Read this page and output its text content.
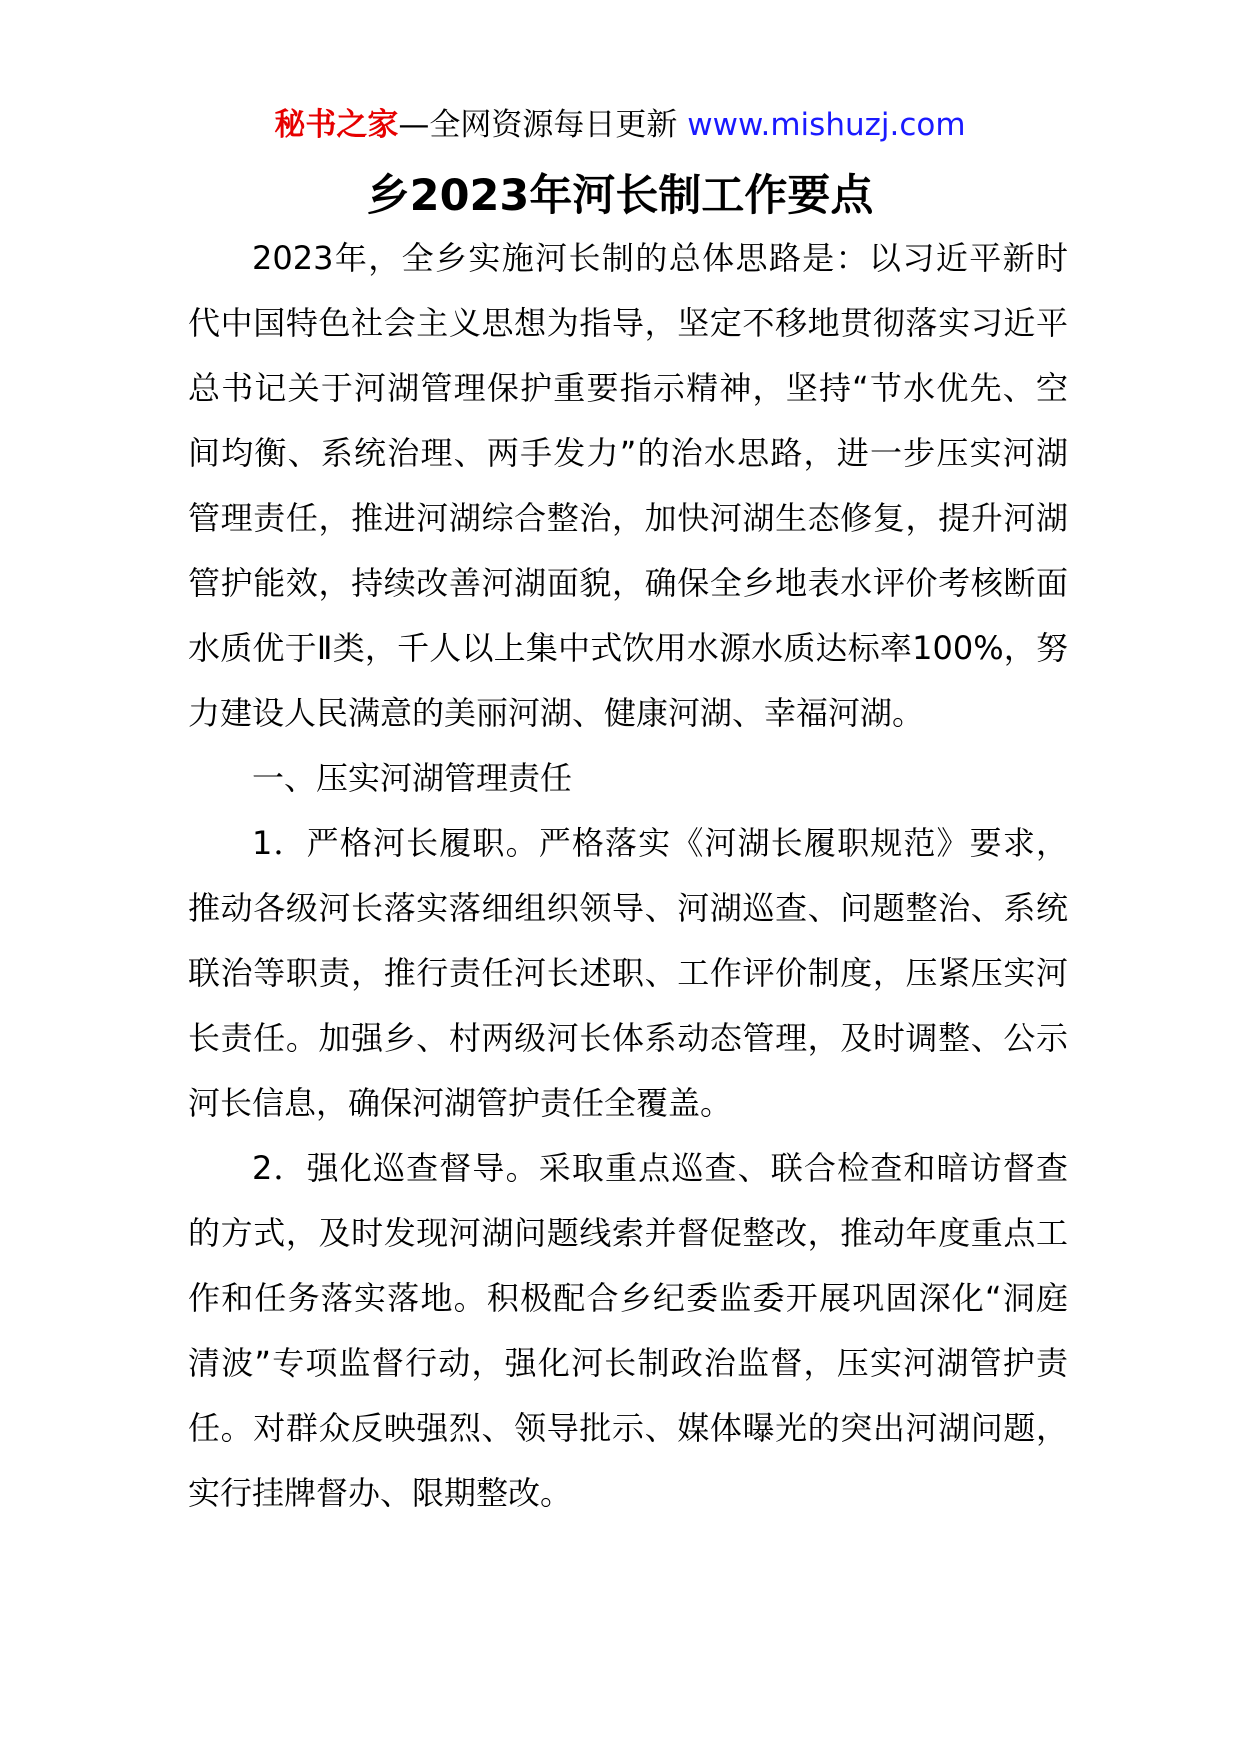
秘书之家—全网资源每日更新 www.mishuzj.com
乡2023年河长制工作要点

2023年，全乡实施河长制的总体思路是：以习近平新时代中国特色社会主义思想为指导，坚定不移地贯彻落实习近平总书记关于河湖管理保护重要指示精神，坚持“节水优先、空间均衡、系统治理、两手发力”的治水思路，进一步压实河湖管理责任，推进河湖综合整治，加快河湖生态修复，提升河湖管护能效，持续改善河湖面貌，确保全乡地表水评价考核断面水质优于Ⅱ类，千人以上集中式饮用水源水质达标率100%，努力建设人民满意的美丽河湖、健康河湖、幸福河湖。

一、压实河湖管理责任

1．严格河长履职。严格落实《河湖长履职规范》要求，推动各级河长落实落细组织领导、河湖巡查、问题整治、系统联治等职责，推行责任河长述职、工作评价制度，压紧压实河长责任。加强乡、村两级河长体系动态管理，及时调整、公示河长信息，确保河湖管护责任全覆盖。

2．强化巡查督导。采取重点巡查、联合检查和暗访督查的方式，及时发现河湖问题线索并督促整改，推动年度重点工作和任务落实落地。积极配合乡纪委监委开展巩固深化“洞庭清波”专项监督行动，强化河长制政治监督，压实河湖管护责任。对群众反映强烈、领导批示、媒体曝光的突出河湖问题，实行挂牌督办、限期整改。
